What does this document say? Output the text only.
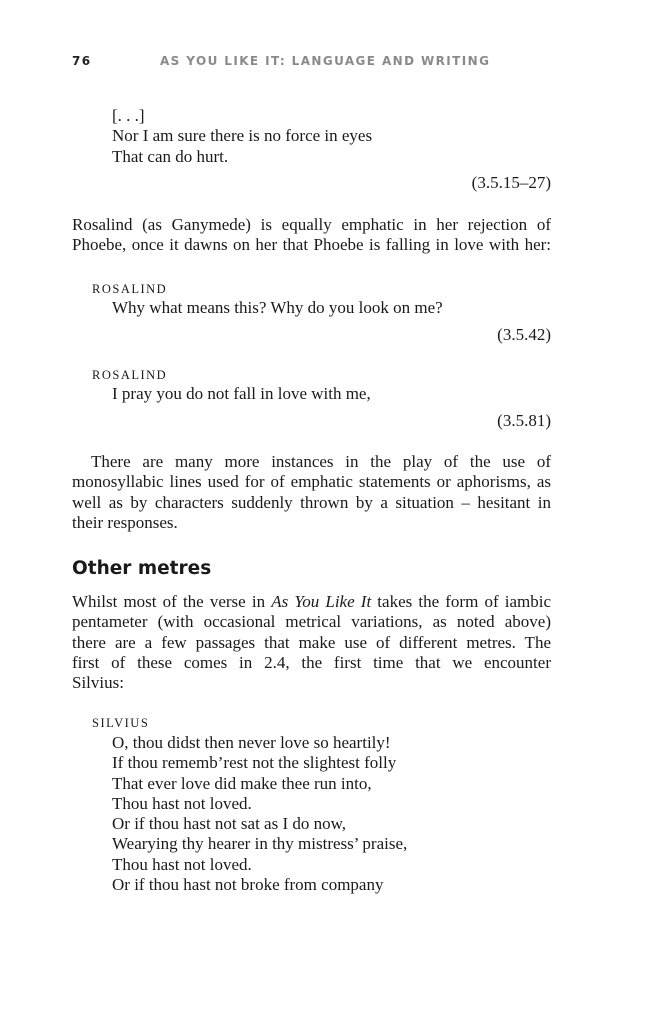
76	AS YOU LIKE IT: LANGUAGE AND WRITING
[. . .]
Nor I am sure there is no force in eyes
That can do hurt.
(3.5.15–27)
Rosalind (as Ganymede) is equally emphatic in her rejection of
Phoebe, once it dawns on her that Phoebe is falling in love with her:
ROSALIND
Why what means this? Why do you look on me?
(3.5.42)
ROSALIND
I pray you do not fall in love with me,
(3.5.81)
There are many more instances in the play of the use of
monosyllabic lines used for of emphatic statements or aphorisms, as
well as by characters suddenly thrown by a situation – hesitant in
their responses.
Other metres
Whilst most of the verse in As You Like It takes the form of iambic
pentameter (with occasional metrical variations, as noted above)
there are a few passages that make use of different metres. The
first of these comes in 2.4, the first time that we encounter
Silvius:
SILVIUS
O, thou didst then never love so heartily!
If thou rememb’rest not the slightest folly
That ever love did make thee run into,
Thou hast not loved.
Or if thou hast not sat as I do now,
Wearying thy hearer in thy mistress’ praise,
Thou hast not loved.
Or if thou hast not broke from company
